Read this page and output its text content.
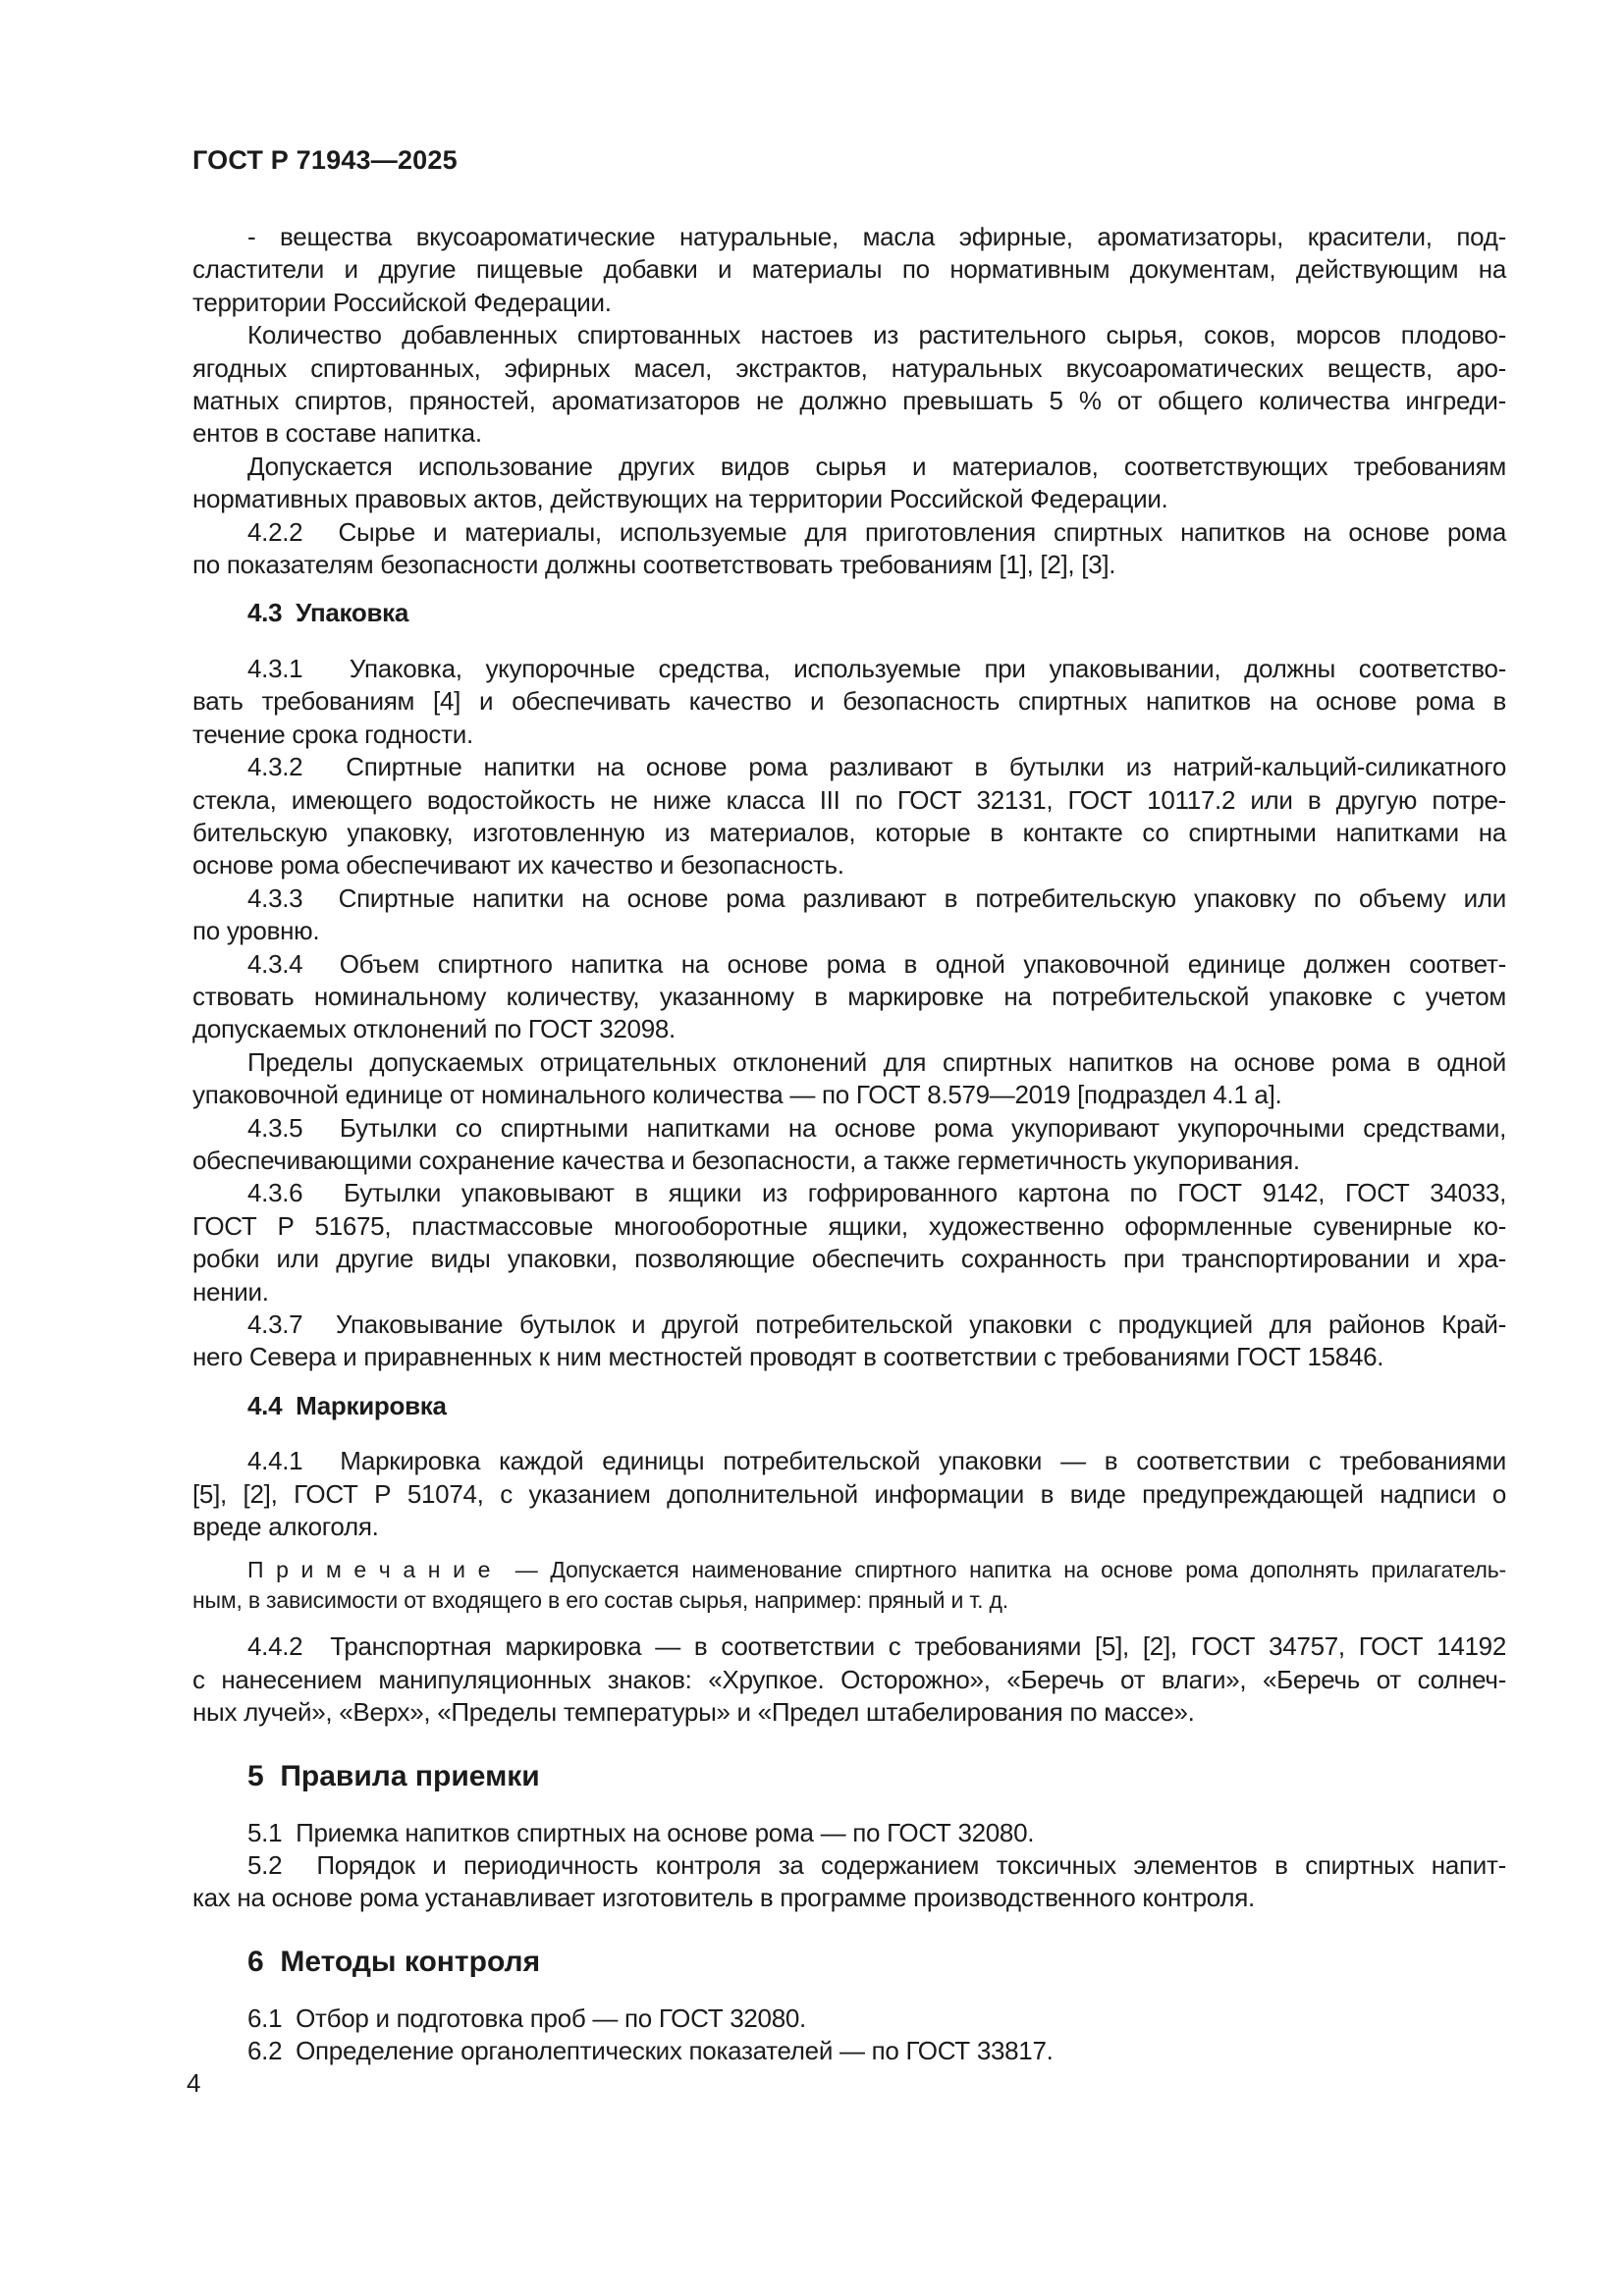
ГОСТ Р 71943—2025
- вещества вкусоароматические натуральные, масла эфирные, ароматизаторы, красители, под-
сластители и другие пищевые добавки и материалы по нормативным документам, действующим на
территории Российской Федерации.
Количество добавленных спиртованных настоев из растительного сырья, соков, морсов плодово-
ягодных спиртованных, эфирных масел, экстрактов, натуральных вкусоароматических веществ, аро-
матных спиртов, пряностей, ароматизаторов не должно превышать 5 % от общего количества ингреди-
ентов в составе напитка.
Допускается использование других видов сырья и материалов, соответствующих требованиям
нормативных правовых актов, действующих на территории Российской Федерации.
4.2.2  Сырье и материалы, используемые для приготовления спиртных напитков на основе рома
по показателям безопасности должны соответствовать требованиям [1], [2], [3].
4.3  Упаковка
4.3.1  Упаковка, укупорочные средства, используемые при упаковывании, должны соответство-
вать требованиям [4] и обеспечивать качество и безопасность спиртных напитков на основе рома в
течение срока годности.
4.3.2  Спиртные напитки на основе рома разливают в бутылки из натрий-кальций-силикатного
стекла, имеющего водостойкость не ниже класса III по ГОСТ 32131, ГОСТ 10117.2 или в другую потре-
бительскую упаковку, изготовленную из материалов, которые в контакте со спиртными напитками на
основе рома обеспечивают их качество и безопасность.
4.3.3  Спиртные напитки на основе рома разливают в потребительскую упаковку по объему или
по уровню.
4.3.4  Объем спиртного напитка на основе рома в одной упаковочной единице должен соответ-
ствовать номинальному количеству, указанному в маркировке на потребительской упаковке с учетом
допускаемых отклонений по ГОСТ 32098.
Пределы допускаемых отрицательных отклонений для спиртных напитков на основе рома в одной
упаковочной единице от номинального количества — по ГОСТ 8.579—2019 [подраздел 4.1 а].
4.3.5  Бутылки со спиртными напитками на основе рома укупоривают укупорочными средствами,
обеспечивающими сохранение качества и безопасности, а также герметичность укупоривания.
4.3.6  Бутылки упаковывают в ящики из гофрированного картона по ГОСТ 9142, ГОСТ 34033,
ГОСТ Р 51675, пластмассовые многооборотные ящики, художественно оформленные сувенирные ко-
робки или другие виды упаковки, позволяющие обеспечить сохранность при транспортировании и хра-
нении.
4.3.7  Упаковывание бутылок и другой потребительской упаковки с продукцией для районов Край-
него Севера и приравненных к ним местностей проводят в соответствии с требованиями ГОСТ 15846.
4.4  Маркировка
4.4.1  Маркировка каждой единицы потребительской упаковки — в соответствии с требованиями
[5], [2], ГОСТ Р 51074, с указанием дополнительной информации в виде предупреждающей надписи о
вреде алкоголя.
П р и м е ч а н и е  — Допускается наименование спиртного напитка на основе рома дополнять прилагатель-
ным, в зависимости от входящего в его состав сырья, например: пряный и т. д.
4.4.2  Транспортная маркировка — в соответствии с требованиями [5], [2], ГОСТ 34757, ГОСТ 14192
с нанесением манипуляционных знаков: «Хрупкое. Осторожно», «Беречь от влаги», «Беречь от солнеч-
ных лучей», «Верх», «Пределы температуры» и «Предел штабелирования по массе».
5  Правила приемки
5.1  Приемка напитков спиртных на основе рома — по ГОСТ 32080.
5.2  Порядок и периодичность контроля за содержанием токсичных элементов в спиртных напит-
ках на основе рома устанавливает изготовитель в программе производственного контроля.
6  Методы контроля
6.1  Отбор и подготовка проб — по ГОСТ 32080.
6.2  Определение органолептических показателей — по ГОСТ 33817.
4
